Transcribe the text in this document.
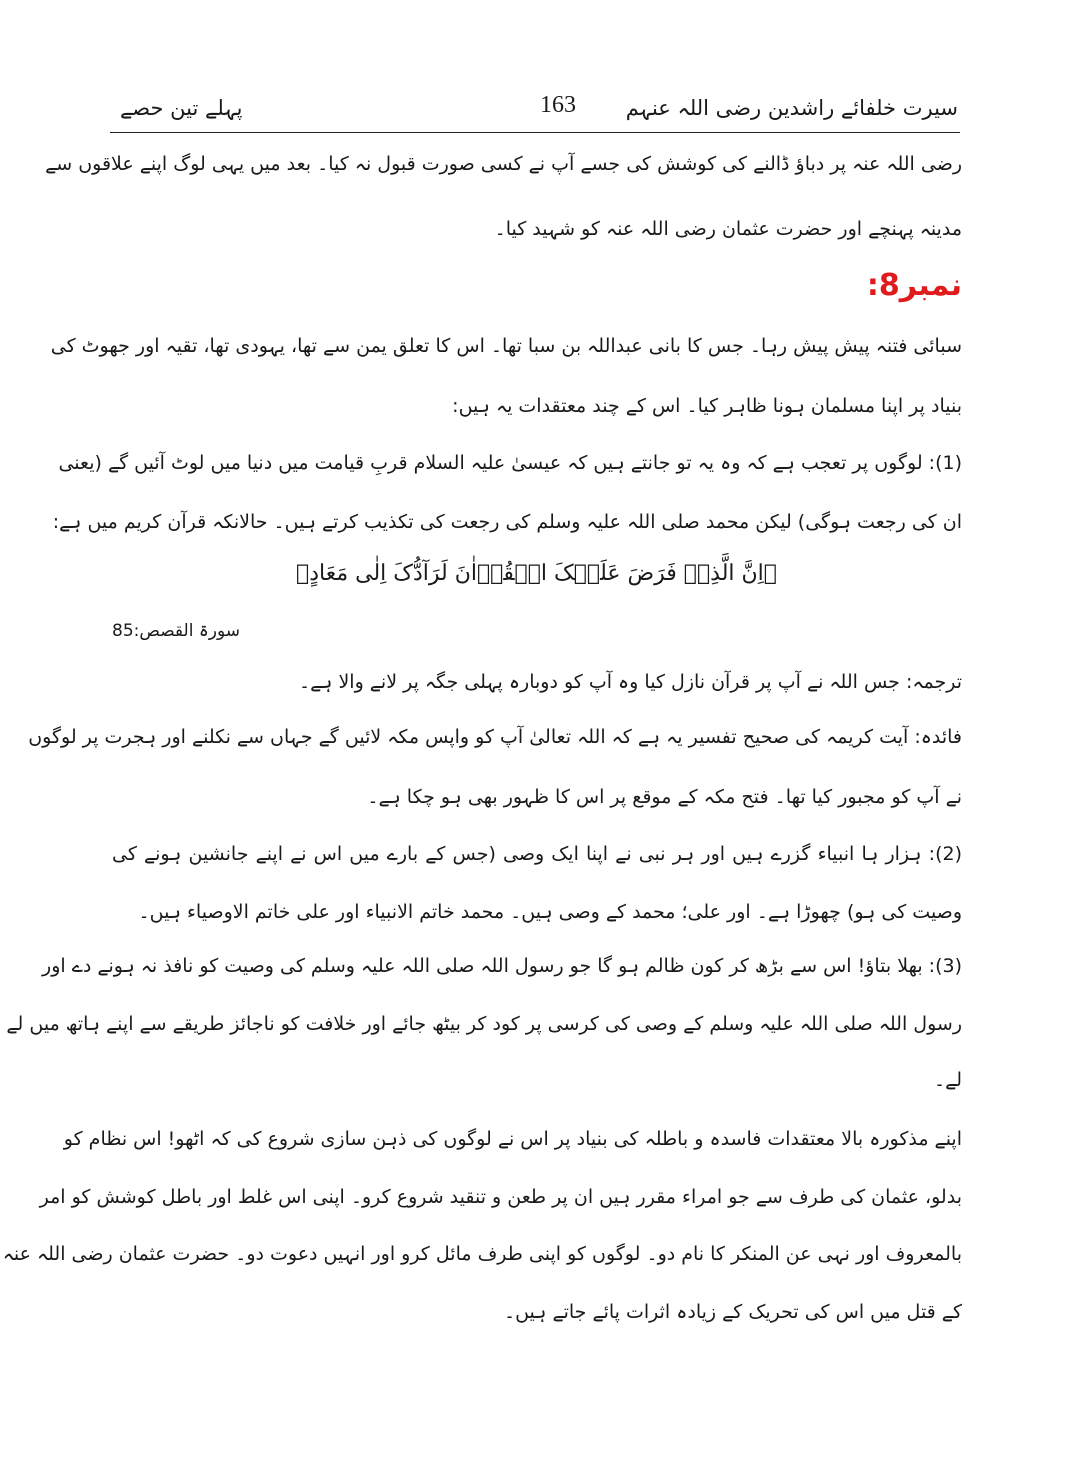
پہلے تین حصے	163 سیرت خلفائے راشدین رضی اللہ عنہم
رضی اللہ عنہ پر دباؤ ڈالنے کی کوشش کی جسے آپ نے کسی صورت قبول نہ کیا۔ بعد میں یہی لوگ اپنے علاقوں سے
مدینہ پہنچے اور حضرت عثمان رضی اللہ عنہ کو شہید کیا۔
نمبر8:
سبائی فتنہ پیش پیش رہا۔ جس کا بانی عبداللہ بن سبا تھا۔ اس کا تعلق یمن سے تھا، یہودی تھا، تقیہ اور جھوٹ کی
بنیاد پر اپنا مسلمان ہونا ظاہر کیا۔ اس کے چند معتقدات یہ ہیں:
(1): لوگوں پر تعجب ہے کہ وہ یہ تو جانتے ہیں کہ عیسیٰ علیہ السلام قربِ قیامت میں دنیا میں لوٹ آئیں گے (یعنی
ان کی رجعت ہوگی) لیکن محمد صلی اللہ علیہ وسلم کی رجعت کی تکذیب کرتے ہیں۔ حالانکہ قرآن کریم میں ہے:
﴿اِنَّ الَّذِیۡ فَرَضَ عَلَیۡکَ الۡقُرۡاٰنَ لَرَآدُّکَ اِلٰی مَعَادٍ﴾
سورۃ القصص:85
ترجمہ: جس اللہ نے آپ پر قرآن نازل کیا وہ آپ کو دوبارہ پہلی جگہ پر لانے والا ہے۔
فائدہ: آیت کریمہ کی صحیح تفسیر یہ ہے کہ اللہ تعالیٰ آپ کو واپس مکہ لائیں گے جہاں سے نکلنے اور ہجرت پر لوگوں
نے آپ کو مجبور کیا تھا۔ فتح مکہ کے موقع پر اس کا ظہور بھی ہو چکا ہے۔
(2): ہزار ہا انبیاء گزرے ہیں اور ہر نبی نے اپنا ایک وصی (جس کے بارے میں اس نے اپنے جانشین ہونے کی
وصیت کی ہو) چھوڑا ہے۔ اور علی؛ محمد کے وصی ہیں۔ محمد خاتم الانبیاء اور علی خاتم الاوصیاء ہیں۔
(3): بھلا بتاؤ! اس سے بڑھ کر کون ظالم ہو گا جو رسول اللہ صلی اللہ علیہ وسلم کی وصیت کو نافذ نہ ہونے دے اور
رسول اللہ صلی اللہ علیہ وسلم کے وصی کی کرسی پر کود کر بیٹھ جائے اور خلافت کو ناجائز طریقے سے اپنے ہاتھ میں لے
لے۔
اپنے مذکورہ بالا معتقدات فاسدہ و باطلہ کی بنیاد پر اس نے لوگوں کی ذہن سازی شروع کی کہ اٹھو! اس نظام کو
بدلو، عثمان کی طرف سے جو امراء مقرر ہیں ان پر طعن و تنقید شروع کرو۔ اپنی اس غلط اور باطل کوشش کو امر
بالمعروف اور نہی عن المنکر کا نام دو۔ لوگوں کو اپنی طرف مائل کرو اور انہیں دعوت دو۔ حضرت عثمان رضی اللہ عنہ
کے قتل میں اس کی تحریک کے زیادہ اثرات پائے جاتے ہیں۔
